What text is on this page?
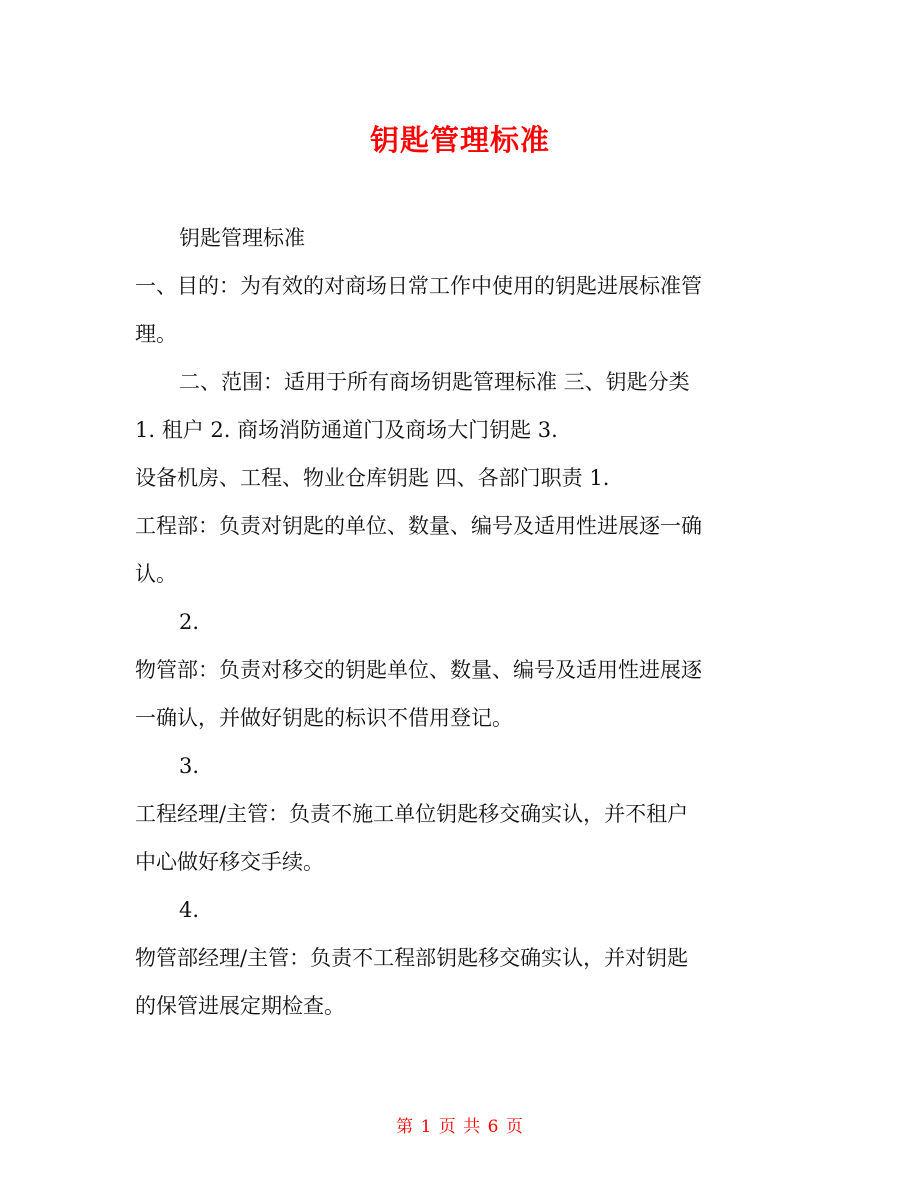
钥匙管理标准
钥匙管理标准
一、目的：为有效的对商场日常工作中使用的钥匙进展标准管
理。
二、范围：适用于所有商场钥匙管理标准 三、钥匙分类
1. 租户 2. 商场消防通道门及商场大门钥匙 3.
设备机房、工程、物业仓库钥匙 四、各部门职责 1.
工程部：负责对钥匙的单位、数量、编号及适用性进展逐一确
认。
2.
物管部：负责对移交的钥匙单位、数量、编号及适用性进展逐
一确认，并做好钥匙的标识不借用登记。
3.
工程经理/主管：负责不施工单位钥匙移交确实认，并不租户
中心做好移交手续。
4.
物管部经理/主管：负责不工程部钥匙移交确实认，并对钥匙
的保管进展定期检查。
第 1 页 共 6 页
